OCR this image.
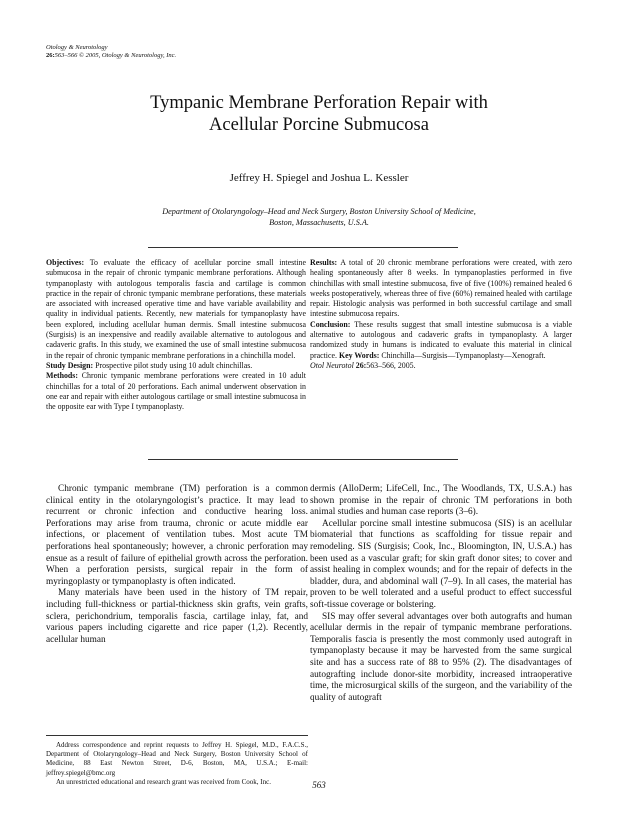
Otology & Neurotology
26:563–566 © 2005, Otology & Neurotology, Inc.
Tympanic Membrane Perforation Repair with
Acellular Porcine Submucosa
Jeffrey H. Spiegel and Joshua L. Kessler
Department of Otolaryngology–Head and Neck Surgery, Boston University School of Medicine,
Boston, Massachusetts, U.S.A.

Objectives: To evaluate the efficacy of acellular porcine small intestine submucosa in the repair of chronic tympanic membrane perforations. Although tympanoplasty with autologous temporalis fascia and cartilage is common practice in the repair of chronic tympanic membrane perforations, these materials are associated with increased operative time and have variable availability and quality in individual patients. Recently, new materials for tympanoplasty have been explored, including acellular human dermis. Small intestine submucosa (Surgisis) is an inexpensive and readily available alternative to autologous and cadaveric grafts. In this study, we examined the use of small intestine submucosa in the repair of chronic tympanic membrane perforations in a chinchilla model.

Study Design: Prospective pilot study using 10 adult chinchillas.

Methods: Chronic tympanic membrane perforations were created in 10 adult chinchillas for a total of 20 perforations. Each animal underwent observation in one ear and repair with either autologous cartilage or small intestine submucosa in the opposite ear with Type I tympanoplasty.

Results: A total of 20 chronic membrane perforations were created, with zero healing spontaneously after 8 weeks. In tympanoplasties performed in five chinchillas with small intestine submucosa, five of five (100%) remained healed 6 weeks postoperatively, whereas three of five (60%) remained healed with cartilage repair. Histologic analysis was performed in both successful cartilage and small intestine submucosa repairs.

Conclusion: These results suggest that small intestine submucosa is a viable alternative to autologous and cadaveric grafts in tympanoplasty. A larger randomized study in humans is indicated to evaluate this material in clinical practice. Key Words: Chinchilla—Surgisis—Tympanoplasty—Xenograft.
Otol Neurotol 26:563–566, 2005.

Chronic tympanic membrane (TM) perforation is a common clinical entity in the otolaryngologist’s practice. It may lead to recurrent or chronic infection and conductive hearing loss. Perforations may arise from trauma, chronic or acute middle ear infections, or placement of ventilation tubes. Most acute TM perforations heal spontaneously; however, a chronic perforation may ensue as a result of failure of epithelial growth across the perforation. When a perforation persists, surgical repair in the form of myringoplasty or tympanoplasty is often indicated.

Many materials have been used in the history of TM repair, including full-thickness or partial-thickness skin grafts, vein grafts, sclera, perichondrium, temporalis fascia, cartilage inlay, fat, and various papers including cigarette and rice paper (1,2). Recently, acellular human

dermis (AlloDerm; LifeCell, Inc., The Woodlands, TX, U.S.A.) has shown promise in the repair of chronic TM perforations in both animal studies and human case reports (3–6).

Acellular porcine small intestine submucosa (SIS) is an acellular biomaterial that functions as scaffolding for tissue repair and remodeling. SIS (Surgisis; Cook, Inc., Bloomington, IN, U.S.A.) has been used as a vascular graft; for skin graft donor sites; to cover and assist healing in complex wounds; and for the repair of defects in the bladder, dura, and abdominal wall (7–9). In all cases, the material has proven to be well tolerated and a useful product to effect successful soft-tissue coverage or bolstering.

SIS may offer several advantages over both autografts and human acellular dermis in the repair of tympanic membrane perforations. Temporalis fascia is presently the most commonly used autograft in tympanoplasty because it may be harvested from the same surgical site and has a success rate of 88 to 95% (2). The disadvantages of autografting include donor-site morbidity, increased intraoperative time, the microsurgical skills of the surgeon, and the variability of the quality of autograft

Address correspondence and reprint requests to Jeffrey H. Spiegel, M.D., F.A.C.S., Department of Otolaryngology–Head and Neck Surgery, Boston University School of Medicine, 88 East Newton Street, D-6, Boston, MA, U.S.A.; E-mail: jeffrey.spiegel@bmc.org

An unrestricted educational and research grant was received from Cook, Inc.	563
